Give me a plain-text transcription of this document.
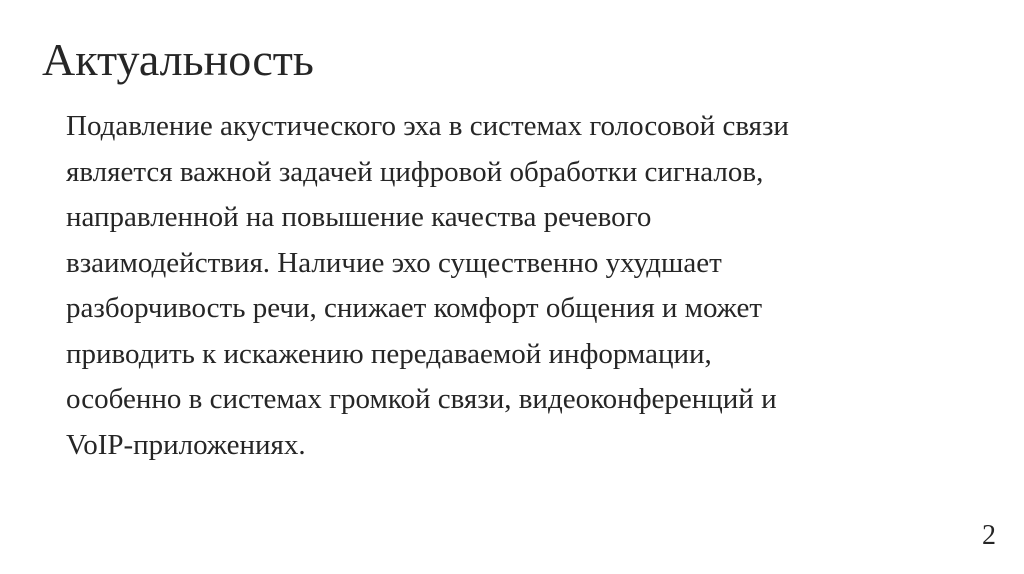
Актуальность

Подавление акустического эха в системах голосовой связи
является важной задачей цифровой обработки сигналов,
направленной на повышение качества речевого
взаимодействия. Наличие эхо существенно ухудшает
разборчивость речи, снижает комфорт общения и может
приводить к искажению передаваемой информации,
особенно в системах громкой связи, видеоконференций и
VoIP-приложениях.

2
